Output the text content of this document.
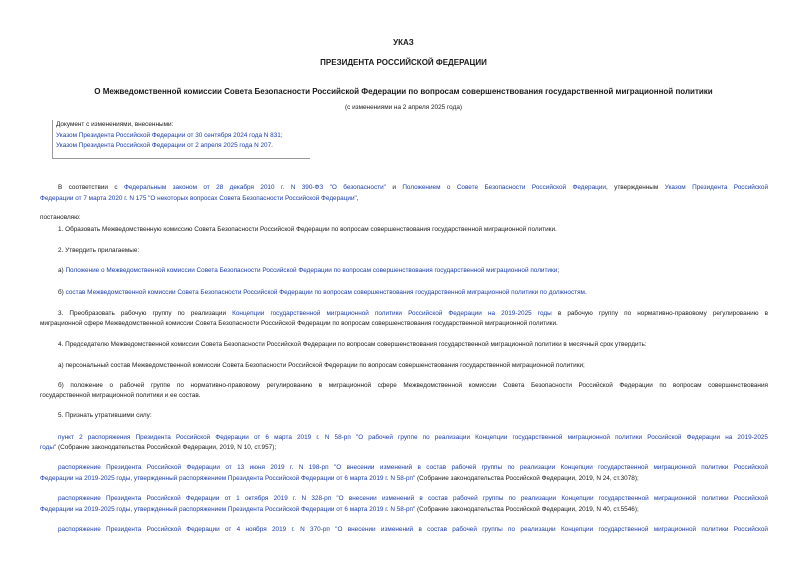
УКАЗ
ПРЕЗИДЕНТА РОССИЙСКОЙ ФЕДЕРАЦИИ
О Межведомственной комиссии Совета Безопасности Российской Федерации по вопросам совершенствования государственной миграционной политики
(с изменениями на 2 апреля 2025 года)
Документ с изменениями, внесенными:
Указом Президента Российской Федерации от 30 сентября 2024 года N 831;
Указом Президента Российской Федерации от 2 апреля 2025 года N 207.
В соответствии с Федеральным законом от 28 декабря 2010 г. N 390-ФЗ "О безопасности" и Положением о Совете Безопасности Российской Федерации, утвержденным Указом Президента Российской
Федерации от 7 марта 2020 г. N 175 "О некоторых вопросах Совета Безопасности Российской Федерации",
постановляю:
1. Образовать Межведомственную комиссию Совета Безопасности Российской Федерации по вопросам совершенствования государственной миграционной политики.
2. Утвердить прилагаемые:
а) Положение о Межведомственной комиссии Совета Безопасности Российской Федерации по вопросам совершенствования государственной миграционной политики;
б) состав Межведомственной комиссии Совета Безопасности Российской Федерации по вопросам совершенствования государственной миграционной политики по должностям.
3. Преобразовать рабочую группу по реализации Концепции государственной миграционной политики Российской Федерации на 2019-2025 годы в рабочую группу по нормативно-правовому регулированию в
миграционной сфере Межведомственной комиссии Совета Безопасности Российской Федерации по вопросам совершенствования государственной миграционной политики.
4. Председателю Межведомственной комиссии Совета Безопасности Российской Федерации по вопросам совершенствования государственной миграционной политики в месячный срок утвердить:
а) персональный состав Межведомственной комиссии Совета Безопасности Российской Федерации по вопросам совершенствования государственной миграционной политики;
б) положение о рабочей группе по нормативно-правовому регулированию в миграционной сфере Межведомственной комиссии Совета Безопасности Российской Федерации по вопросам совершенствования
государственной миграционной политики и ее состав.
5. Признать утратившими силу:
пункт 2 распоряжения Президента Российской Федерации от 6 марта 2019 г. N 58-рп "О рабочей группе по реализации Концепции государственной миграционной политики Российской Федерации на 2019-2025
годы" (Собрание законодательства Российской Федерации, 2019, N 10, ст.957);
распоряжение Президента Российской Федерации от 13 июня 2019 г. N 198-рп "О внесении изменений в состав рабочей группы по реализации Концепции государственной миграционной политики Российской
Федерации на 2019-2025 годы, утвержденный распоряжением Президента Российской Федерации от 6 марта 2019 г. N 58-рп" (Собрание законодательства Российской Федерации, 2019, N 24, ст.3078);
распоряжение Президента Российской Федерации от 1 октября 2019 г. N 328-рп "О внесении изменений в состав рабочей группы по реализации Концепции государственной миграционной политики Российской
Федерации на 2019-2025 годы, утвержденный распоряжением Президента Российской Федерации от 6 марта 2019 г. N 58-рп" (Собрание законодательства Российской Федерации, 2019, N 40, ст.5546);
распоряжение Президента Российской Федерации от 4 ноября 2019 г. N 370-рп "О внесении изменений в состав рабочей группы по реализации Концепции государственной миграционной политики Российской
